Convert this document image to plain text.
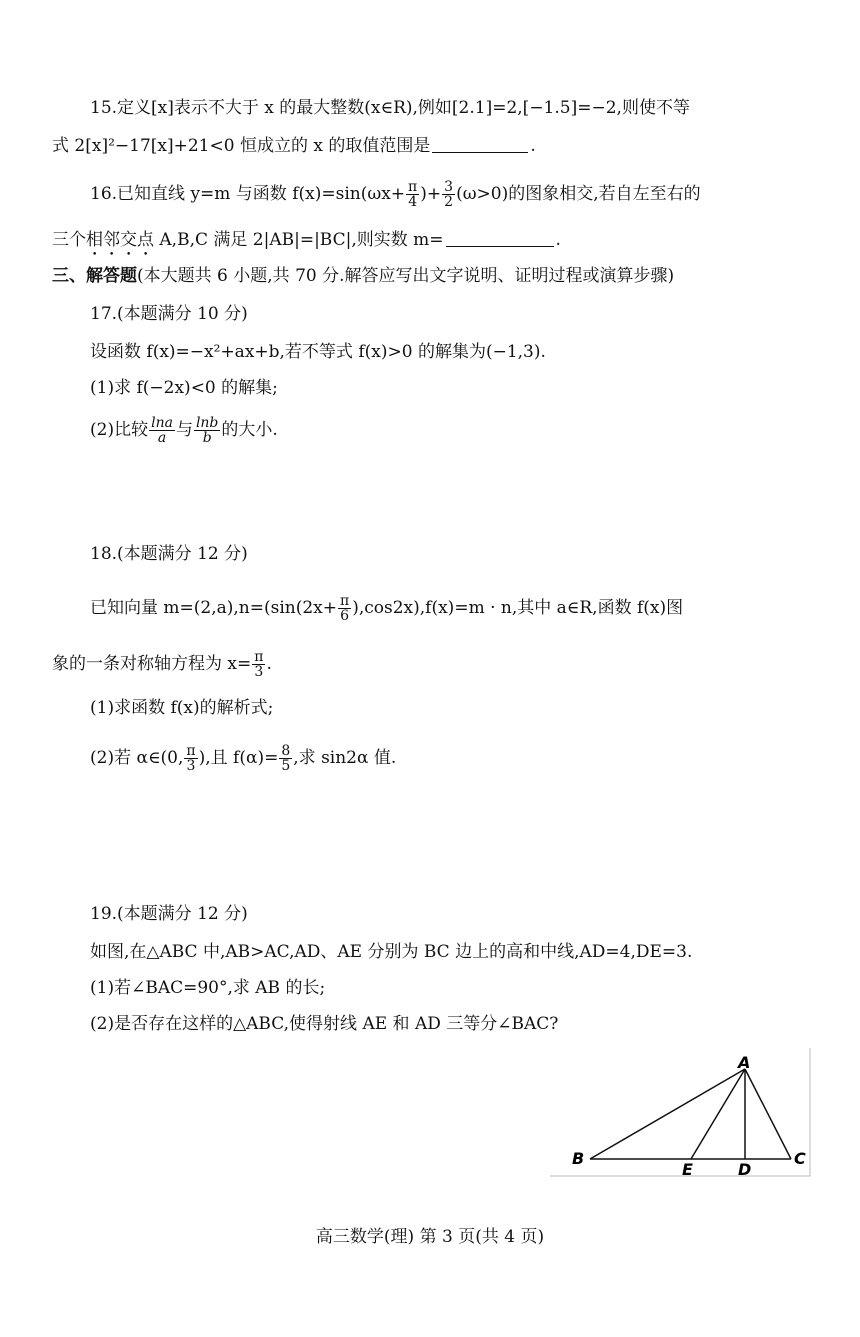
15.定义[x]表示不大于 x 的最大整数(x∈R),例如[2.1]=2,[−1.5]=−2,则使不等
式 2[x]²−17[x]+21<0 恒成立的 x 的取值范围是	.
16.已知直线 y=m 与函数 $f(x)=\sin(\omega x+ \frac{\pi}{4}$ )+ $\frac{3}{2} (\omega>0)$的图象相交,若自左至右的
三个相邻交点 A,B,C 满足 2|AB|=|BC|,则实数 m=	.
三、解答题(本大题共 6 小题,共 70 分.解答应写出文字说明、证明过程或演算步骤)
17.(本题满分 10 分)
设函数 f(x)=−x²+ax+b,若不等式 f(x)>0 的解集为(−1,3).
(1)求 f(−2x)<0 的解集;
(2)比较 $\frac{\ln a}{a}$ 与 $\frac{\ln b}{b}$ 的大小.
18.(本题满分 12 分)
已知向量 $m=(2,a),n=(\sin(2x+ \frac{\pi}{6} ),\cos 2x),f(x)=m \cdot n$,其中 a∈R,函数 f(x)图
象的一条对称轴方程为 $x= \frac{\pi}{3}$ .
(1)求函数 f(x)的解析式;
(2)若 α∈(0, $\frac{\pi}{3}$ ),且 $f(\alpha)= \frac{8}{5}$ ,求 sin2α 值.
19.(本题满分 12 分)
如图,在△ABC 中,AB>AC,AD、AE 分别为 BC 边上的高和中线,AD=4,DE=3.
(1)若∠BAC=90°,求 AB 的长;
(2)是否存在这样的△ABC,使得射线 AE 和 AD 三等分∠BAC?
A
B	C
D
E
高三数学(理) 第 3 页(共 4 页)
